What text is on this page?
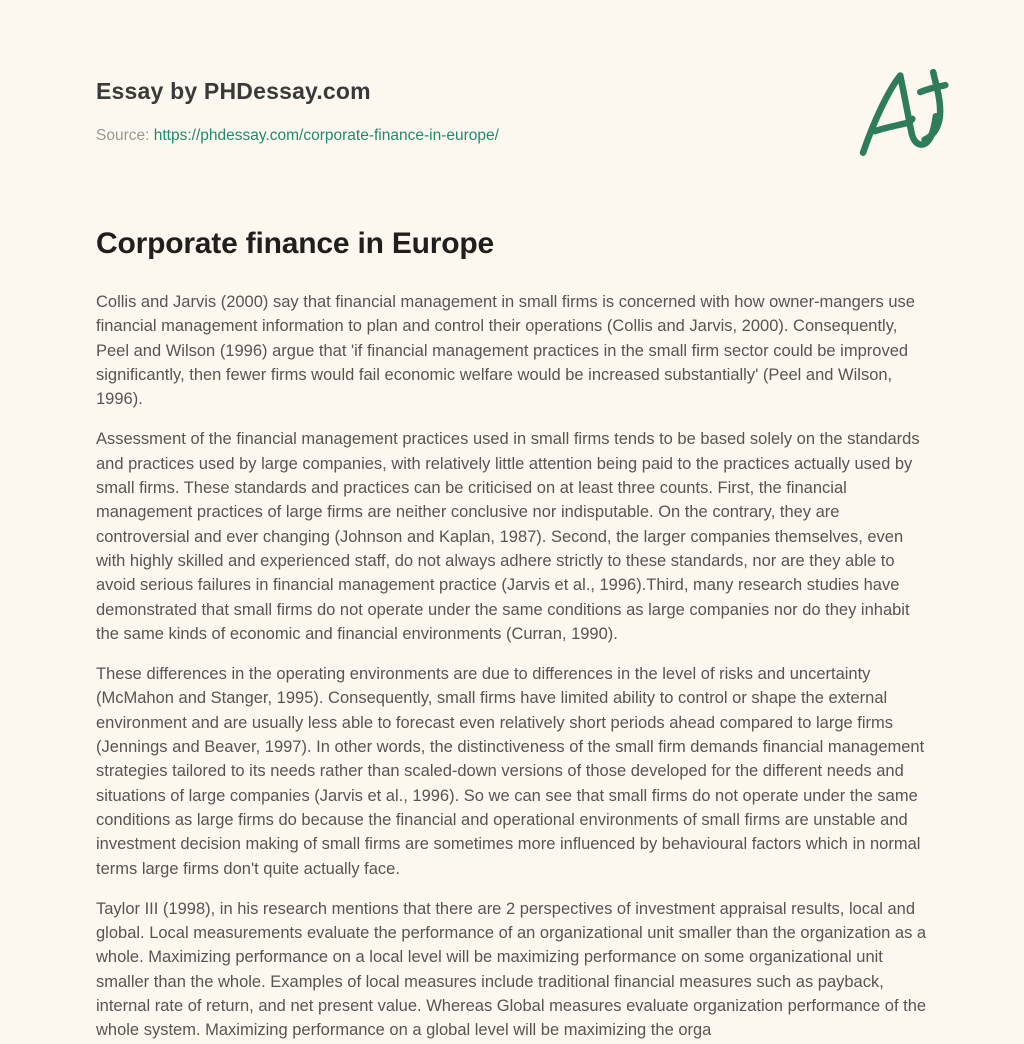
Essay by PHDessay.com

Source: https://phdessay.com/corporate-finance-in-europe/

Corporate finance in Europe

Collis and Jarvis (2000) say that financial management in small firms is concerned with how owner-mangers use financial management information to plan and control their operations (Collis and Jarvis, 2000). Consequently, Peel and Wilson (1996) argue that 'if financial management practices in the small firm sector could be improved significantly, then fewer firms would fail economic welfare would be increased substantially' (Peel and Wilson, 1996).

Assessment of the financial management practices used in small firms tends to be based solely on the standards and practices used by large companies, with relatively little attention being paid to the practices actually used by small firms. These standards and practices can be criticised on at least three counts. First, the financial management practices of large firms are neither conclusive nor indisputable. On the contrary, they are controversial and ever changing (Johnson and Kaplan, 1987). Second, the larger companies themselves, even with highly skilled and experienced staff, do not always adhere strictly to these standards, nor are they able to avoid serious failures in financial management practice (Jarvis et al., 1996).Third, many research studies have demonstrated that small firms do not operate under the same conditions as large companies nor do they inhabit the same kinds of economic and financial environments (Curran, 1990).

These differences in the operating environments are due to differences in the level of risks and uncertainty (McMahon and Stanger, 1995). Consequently, small firms have limited ability to control or shape the external environment and are usually less able to forecast even relatively short periods ahead compared to large firms (Jennings and Beaver, 1997). In other words, the distinctiveness of the small firm demands financial management strategies tailored to its needs rather than scaled-down versions of those developed for the different needs and situations of large companies (Jarvis et al., 1996). So we can see that small firms do not operate under the same conditions as large firms do because the financial and operational environments of small firms are unstable and investment decision making of small firms are sometimes more influenced by behavioural factors which in normal terms large firms don't quite actually face.

Taylor III (1998), in his research mentions that there are 2 perspectives of investment appraisal results, local and global. Local measurements evaluate the performance of an organizational unit smaller than the organization as a whole. Maximizing performance on a local level will be maximizing performance on some organizational unit smaller than the whole. Examples of local measures include traditional financial measures such as payback, internal rate of return, and net present value. Whereas Global measures evaluate organization performance of the whole system. Maximizing performance on a global level will be maximizing the orga
